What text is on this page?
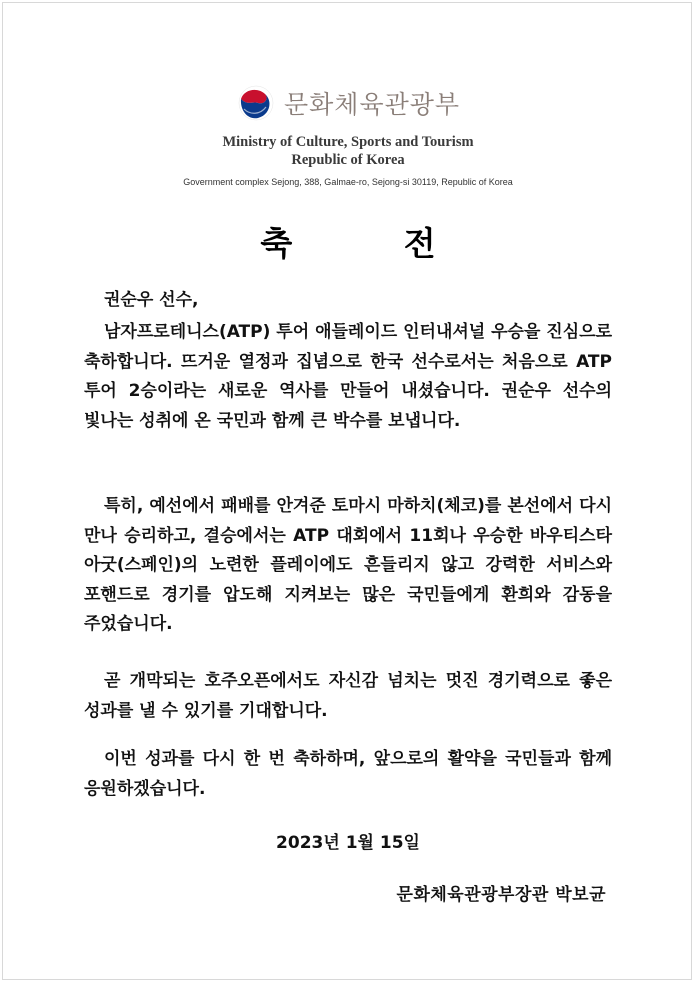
문화체육관광부
Ministry of Culture, Sports and Tourism
Republic of Korea
Government complex Sejong, 388, Galmae-ro, Sejong-si 30119, Republic of Korea
축 전
권순우 선수,
남자프로테니스(ATP) 투어 애들레이드 인터내셔널 우승을 진심으로 축하합니다. 뜨거운 열정과 집념으로 한국 선수로서는 처음으로 ATP 투어 2승이라는 새로운 역사를 만들어 내셨습니다. 권순우 선수의 빛나는 성취에 온 국민과 함께 큰 박수를 보냅니다.
특히, 예선에서 패배를 안겨준 토마시 마하치(체코)를 본선에서 다시 만나 승리하고, 결승에서는 ATP 대회에서 11회나 우승한 바우티스타 아굿(스페인)의 노련한 플레이에도 흔들리지 않고 강력한 서비스와 포핸드로 경기를 압도해 지켜보는 많은 국민들에게 환희와 감동을 주었습니다.
곧 개막되는 호주오픈에서도 자신감 넘치는 멋진 경기력으로 좋은 성과를 낼 수 있기를 기대합니다.
이번 성과를 다시 한 번 축하하며, 앞으로의 활약을 국민들과 함께 응원하겠습니다.
2023년 1월 15일
문화체육관광부장관 박보균
